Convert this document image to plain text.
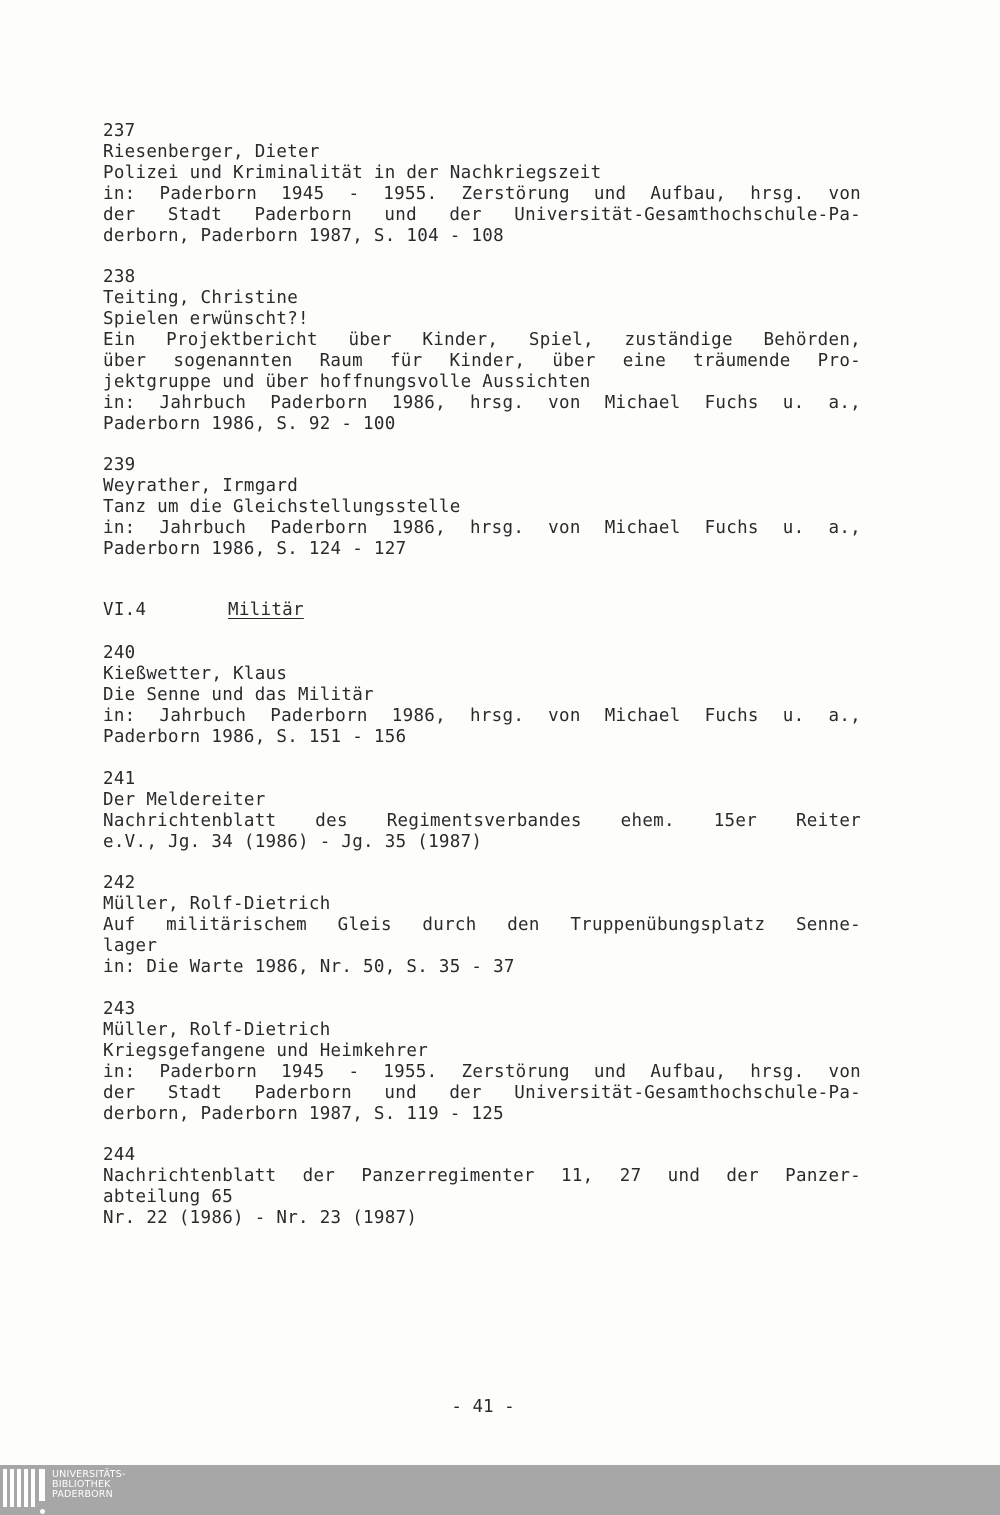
237

Riesenberger, Dieter

Polizei und Kriminalität in der Nachkriegszeit

in: Paderborn 1945 - 1955. Zerstörung und Aufbau, hrsg. von

der Stadt Paderborn und der Universität-Gesamthochschule-Pa-

derborn, Paderborn 1987, S. 104 - 108

238

Teiting, Christine

Spielen erwünscht?!

Ein Projektbericht über Kinder, Spiel, zuständige Behörden,

über sogenannten Raum für Kinder, über eine träumende Pro-

jektgruppe und über hoffnungsvolle Aussichten

in: Jahrbuch Paderborn 1986, hrsg. von Michael Fuchs u. a.,

Paderborn 1986, S. 92 - 100

239

Weyrather, Irmgard

Tanz um die Gleichstellungsstelle

in: Jahrbuch Paderborn 1986, hrsg. von Michael Fuchs u. a.,

Paderborn 1986, S. 124 - 127

VI.4	Militär

240

Kießwetter, Klaus

Die Senne und das Militär

in: Jahrbuch Paderborn 1986, hrsg. von Michael Fuchs u. a.,

Paderborn 1986, S. 151 - 156

241

Der Meldereiter

Nachrichtenblatt des Regimentsverbandes ehem. 15er Reiter

e.V., Jg. 34 (1986) - Jg. 35 (1987)

242

Müller, Rolf-Dietrich

Auf militärischem Gleis durch den Truppenübungsplatz Senne-

lager

in: Die Warte 1986, Nr. 50, S. 35 - 37

243

Müller, Rolf-Dietrich

Kriegsgefangene und Heimkehrer

in: Paderborn 1945 - 1955. Zerstörung und Aufbau, hrsg. von

der Stadt Paderborn und der Universität-Gesamthochschule-Pa-

derborn, Paderborn 1987, S. 119 - 125

244

Nachrichtenblatt der Panzerregimenter 11, 27 und der Panzer-

abteilung 65

Nr. 22 (1986) - Nr. 23 (1987)

- 41 -
UNIVERSITÄTS-
BIBLIOTHEK
PADERBORN
